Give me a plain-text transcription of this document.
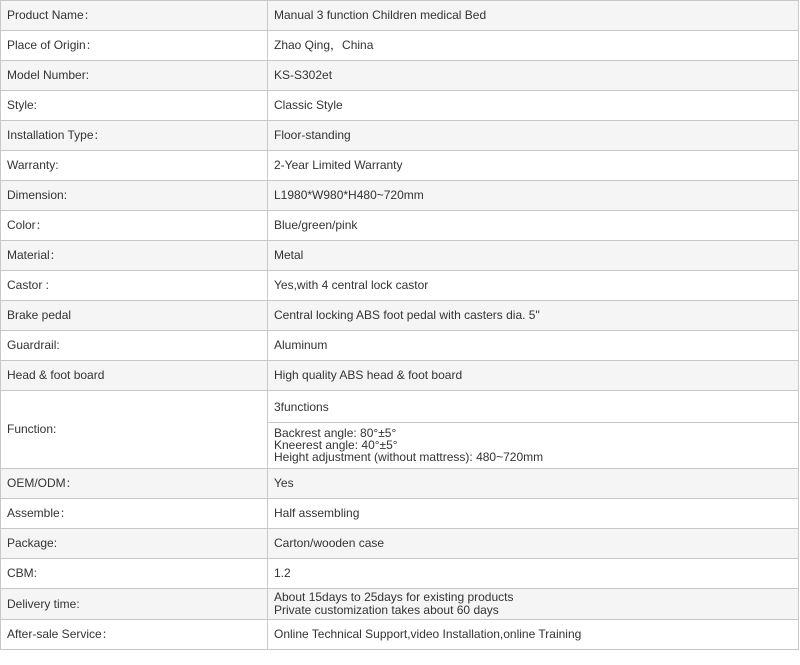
Product Name：	Manual 3 function Children medical Bed
Place of Origin：	Zhao Qing，China
Model Number:	KS-S302et
Style:	Classic Style
Installation Type：	Floor-standing
Warranty:	2-Year Limited Warranty
Dimension:	L1980*W980*H480~720mm
Color：	Blue/green/pink
Material：	Metal
Castor :	Yes,with 4 central lock castor
Brake pedal	Central locking ABS foot pedal with casters dia. 5"
Guardrail:	Aluminum
Head & foot board	High quality ABS head & foot board
Function:	3functions
Backrest angle: 80°±5°
Kneerest angle: 40°±5°
Height adjustment (without mattress): 480~720mm

OEM/ODM：	Yes
Assemble：	Half assembling
Package:	Carton/wooden case
CBM:	1.2
Delivery time:	About 15days to 25days for existing products
Private customization takes about 60 days

After-sale Service：	Online Technical Support,video Installation,online Training
